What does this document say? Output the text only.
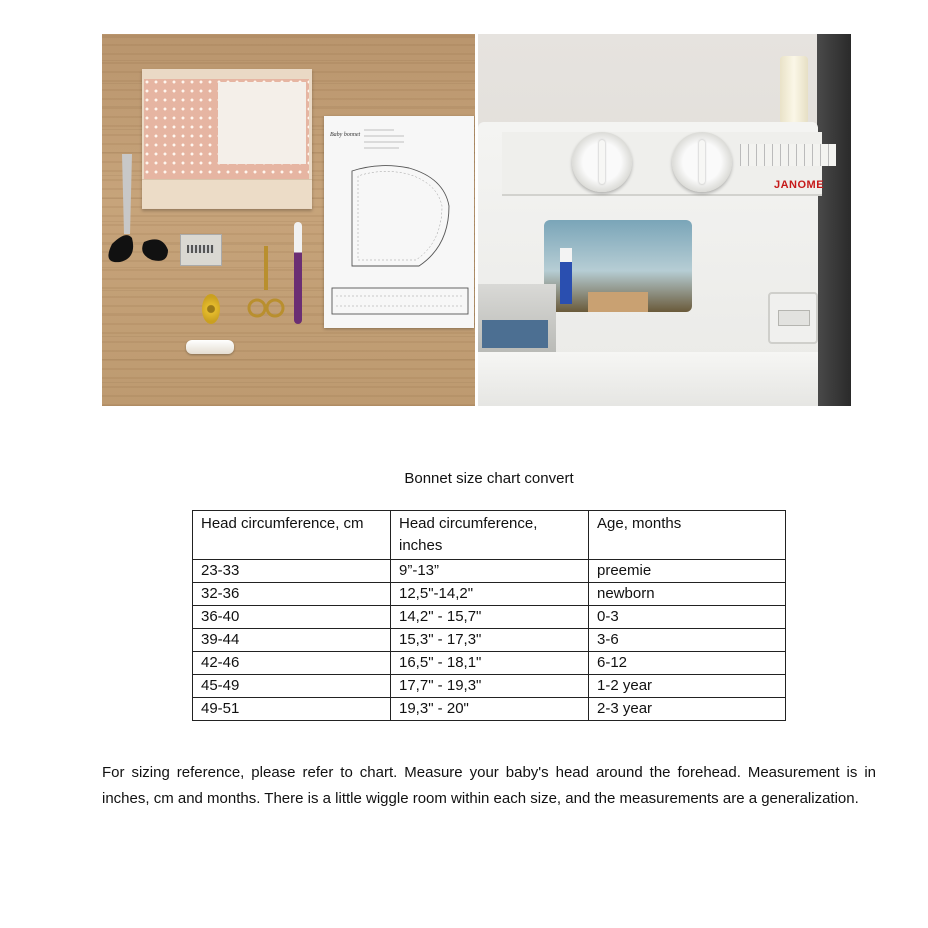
Baby bonnet
JANOME
Bonnet size chart convert
Head circumference, cm	Head circumference, inches	Age, months
23-33	9”-13”	preemie
32-36	12,5"-14,2"	newborn
36-40	14,2" - 15,7"	0-3
39-44	15,3" - 17,3"	3-6
42-46	16,5" - 18,1"	6-12
45-49	17,7" - 19,3"	1-2 year
49-51	19,3" - 20"	2-3 year

For sizing reference, please refer to chart. Measure your baby's head around the forehead. Measurement is in inches, cm and months. There is a little wiggle room within each size, and the measurements are a generalization.
